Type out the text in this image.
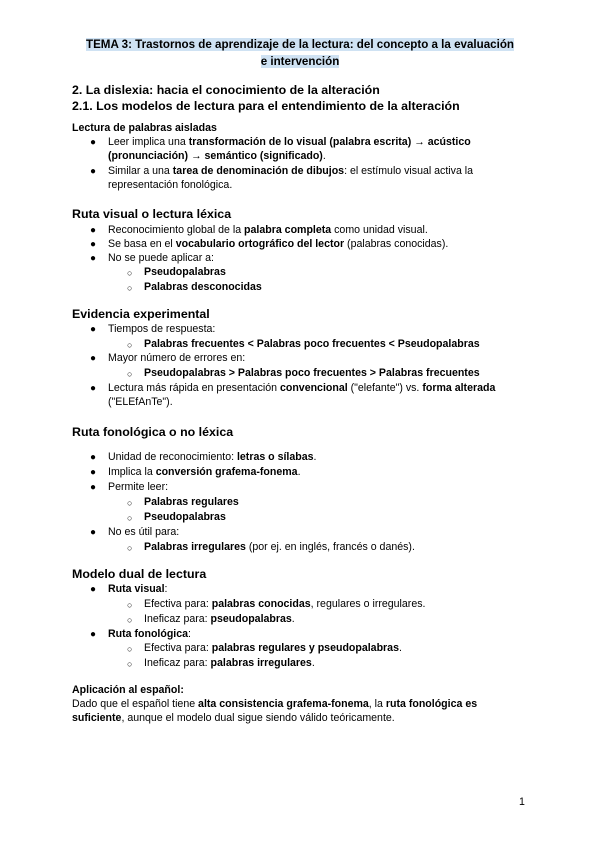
TEMA 3: Trastornos de aprendizaje de la lectura: del concepto a la evaluación
e intervención
2. La dislexia: hacia el conocimiento de la alteración
2.1. Los modelos de lectura para el entendimiento de la alteración
Lectura de palabras aisladas
● Leer implica una transformación de lo visual (palabra escrita) → acústico (pronunciación) → semántico (significado).
● Similar a una tarea de denominación de dibujos: el estímulo visual activa la representación fonológica.
Ruta visual o lectura léxica
● Reconocimiento global de la palabra completa como unidad visual.
● Se basa en el vocabulario ortográfico del lector (palabras conocidas).
● No se puede aplicar a:
○ Pseudopalabras
○ Palabras desconocidas
Evidencia experimental
● Tiempos de respuesta:
○ Palabras frecuentes < Palabras poco frecuentes < Pseudopalabras
● Mayor número de errores en:
○ Pseudopalabras > Palabras poco frecuentes > Palabras frecuentes
● Lectura más rápida en presentación convencional ("elefante") vs. forma alterada ("ELEfAnTe").
Ruta fonológica o no léxica
● Unidad de reconocimiento: letras o sílabas.
● Implica la conversión grafema-fonema.
● Permite leer:
○ Palabras regulares
○ Pseudopalabras
● No es útil para:
○ Palabras irregulares (por ej. en inglés, francés o danés).
Modelo dual de lectura
● Ruta visual:
○ Efectiva para: palabras conocidas, regulares o irregulares.
○ Ineficaz para: pseudopalabras.
● Ruta fonológica:
○ Efectiva para: palabras regulares y pseudopalabras.
○ Ineficaz para: palabras irregulares.
Aplicación al español:
Dado que el español tiene alta consistencia grafema-fonema, la ruta fonológica es suficiente, aunque el modelo dual sigue siendo válido teóricamente.
1
